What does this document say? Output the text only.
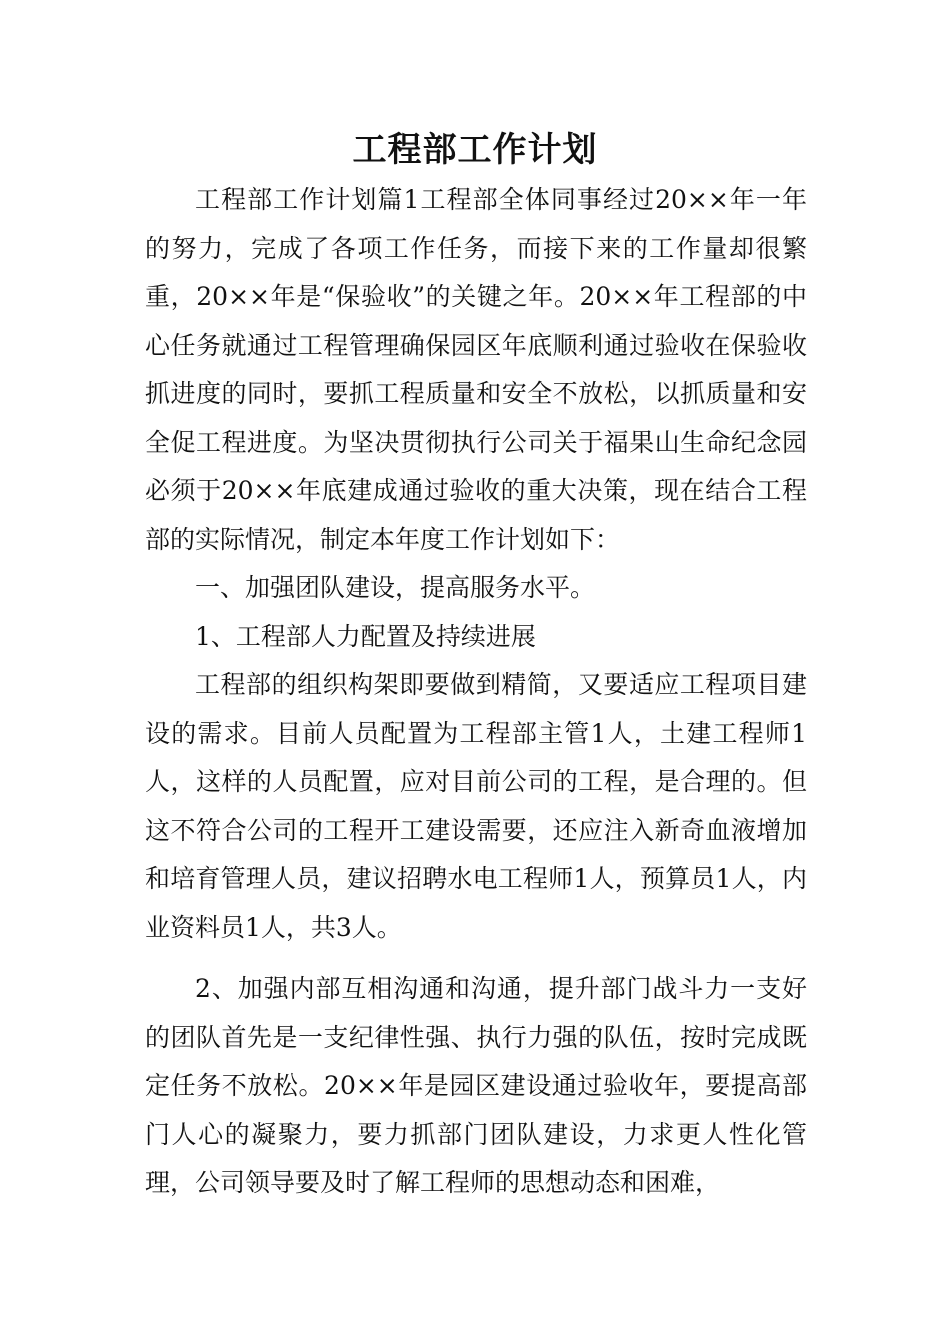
工程部工作计划

工程部工作计划篇1工程部全体同事经过20××年一年的努力，完成了各项工作任务，而接下来的工作量却很繁重，20××年是“保验收”的关键之年。20××年工程部的中心任务就通过工程管理确保园区年底顺利通过验收在保验收抓进度的同时，要抓工程质量和安全不放松，以抓质量和安全促工程进度。为坚决贯彻执行公司关于福果山生命纪念园必须于20××年底建成通过验收的重大决策，现在结合工程部的实际情况，制定本年度工作计划如下：

一、加强团队建设，提高服务水平。

1、工程部人力配置及持续进展

工程部的组织构架即要做到精简，又要适应工程项目建设的需求。目前人员配置为工程部主管1人，土建工程师1人，这样的人员配置，应对目前公司的工程，是合理的。但这不符合公司的工程开工建设需要，还应注入新奇血液增加和培育管理人员，建议招聘水电工程师1人，预算员1人，内业资料员1人，共3人。

2、加强内部互相沟通和沟通，提升部门战斗力一支好的团队首先是一支纪律性强、执行力强的队伍，按时完成既定任务不放松。20××年是园区建设通过验收年，要提高部门人心的凝聚力，要力抓部门团队建设，力求更人性化管理，公司领导要及时了解工程师的思想动态和困难，
